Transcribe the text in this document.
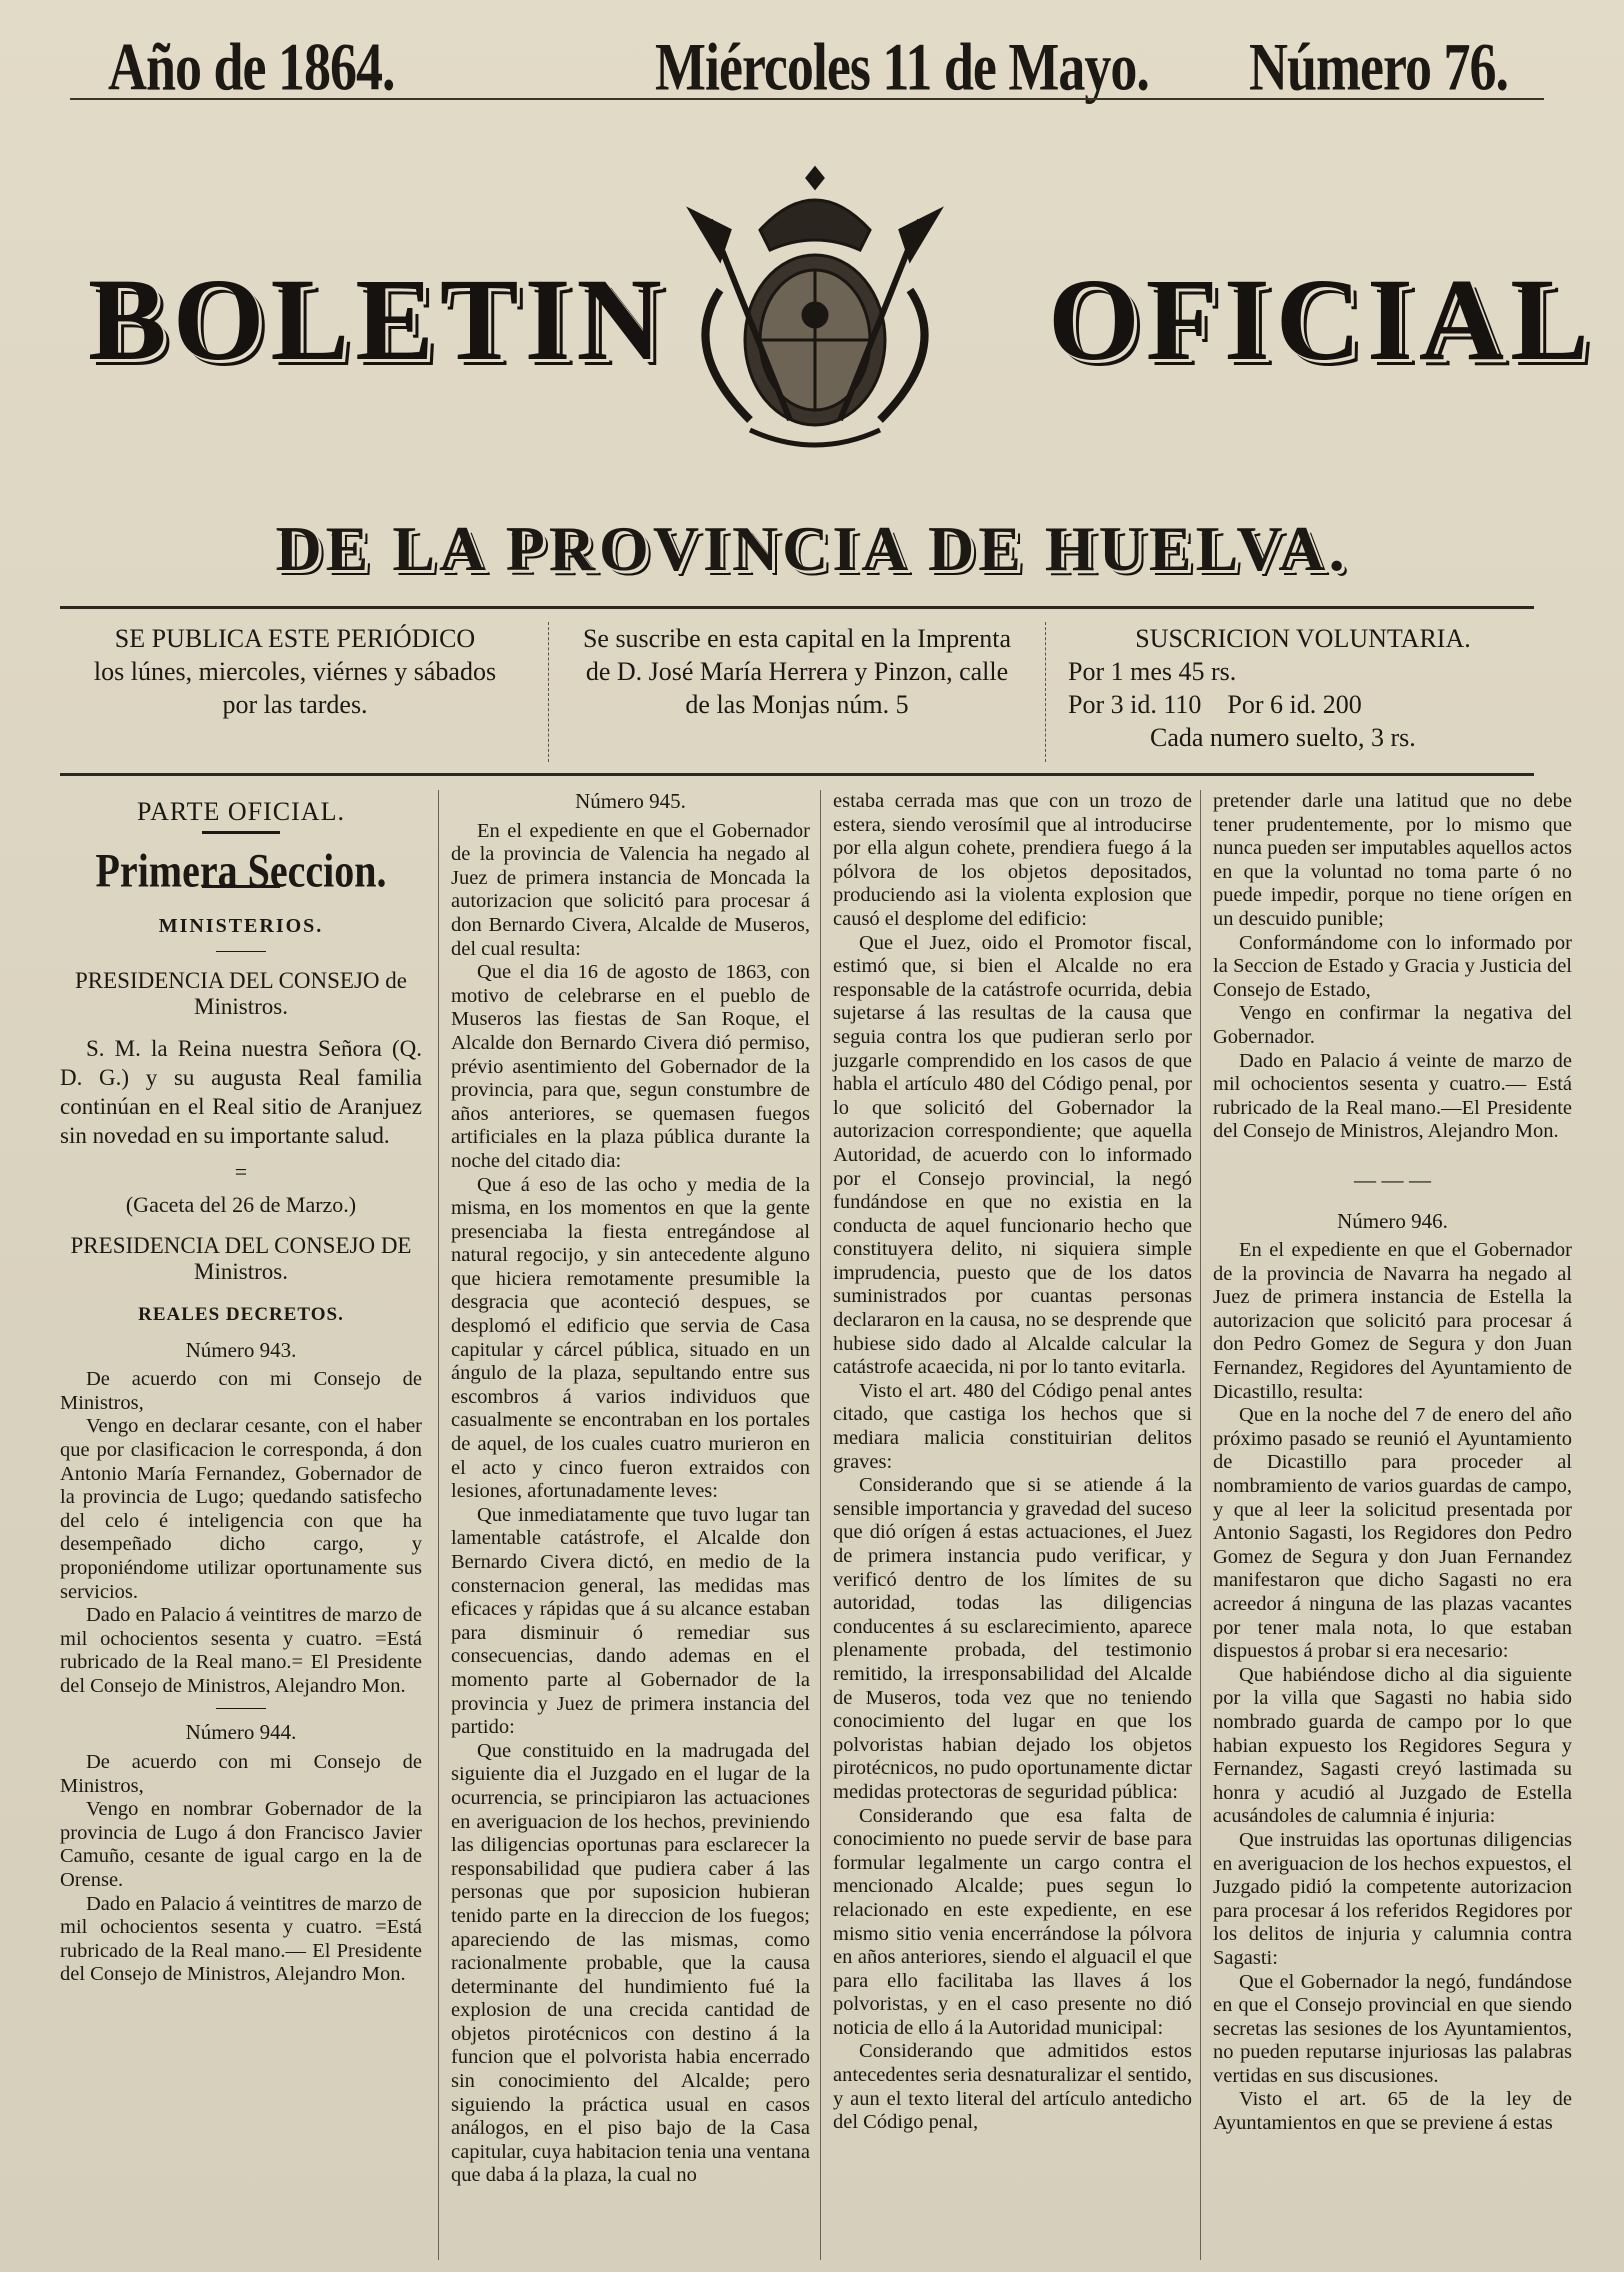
Año de 1864.	Miércoles 11 de Mayo. Número 76.
BOLETIN	OFICIAL
DE LA PROVINCIA DE HUELVA.
SE PUBLICA ESTE PERIÓDICO
los lúnes, miercoles, viérnes y sábados
por las tardes.
Se suscribe en esta capital en la Imprenta
de D. José María Herrera y Pinzon, calle
de las Monjas núm. 5
SUSCRICION VOLUNTARIA.
Por 1 mes 45 rs.
Por 3 id. 110 Por 6 id. 200
Cada numero suelto, 3 rs.
PARTE OFICIAL.
Primera Seccion.
MINISTERIOS.
PRESIDENCIA DEL CONSEJO de Ministros.

S. M. la Reina nuestra Señora (Q. D. G.) y su augusta Real familia continúan en el Real sitio de Aranjuez sin novedad en su importante salud.

=
(Gaceta del 26 de Marzo.)
PRESIDENCIA DEL CONSEJO DE Ministros.
REALES DECRETOS.
Número 943.

De acuerdo con mi Consejo de Ministros,

Vengo en declarar cesante, con el haber que por clasificacion le corresponda, á don Antonio María Fernandez, Gobernador de la provincia de Lugo; quedando satisfecho del celo é inteligencia con que ha desempeñado dicho cargo, y proponiéndome utilizar oportunamente sus servicios.

Dado en Palacio á veintitres de marzo de mil ochocientos sesenta y cuatro. =Está rubricado de la Real mano.= El Presidente del Consejo de Ministros, Alejandro Mon.

Número 944.

De acuerdo con mi Consejo de Ministros,

Vengo en nombrar Gobernador de la provincia de Lugo á don Francisco Javier Camuño, cesante de igual cargo en la de Orense.

Dado en Palacio á veintitres de marzo de mil ochocientos sesenta y cuatro. =Está rubricado de la Real mano.— El Presidente del Consejo de Ministros, Alejandro Mon.

Número 945.

En el expediente en que el Gobernador de la provincia de Valencia ha negado al Juez de primera instancia de Moncada la autorizacion que solicitó para procesar á don Bernardo Civera, Alcalde de Museros, del cual resulta:

Que el dia 16 de agosto de 1863, con motivo de celebrarse en el pueblo de Museros las fiestas de San Roque, el Alcalde don Bernardo Civera dió permiso, prévio asentimiento del Gobernador de la provincia, para que, segun constumbre de años anteriores, se quemasen fuegos artificiales en la plaza pública durante la noche del citado dia:

Que á eso de las ocho y media de la misma, en los momentos en que la gente presenciaba la fiesta entregándose al natural regocijo, y sin antecedente alguno que hiciera remotamente presumible la desgracia que aconteció despues, se desplomó el edificio que servia de Casa capitular y cárcel pública, situado en un ángulo de la plaza, sepultando entre sus escombros á varios individuos que casualmente se encontraban en los portales de aquel, de los cuales cuatro murieron en el acto y cinco fueron extraidos con lesiones, afortunadamente leves:

Que inmediatamente que tuvo lugar tan lamentable catástrofe, el Alcalde don Bernardo Civera dictó, en medio de la consternacion general, las medidas mas eficaces y rápidas que á su alcance estaban para disminuir ó remediar sus consecuencias, dando ademas en el momento parte al Gobernador de la provincia y Juez de primera instancia del partido:

Que constituido en la madrugada del siguiente dia el Juzgado en el lugar de la ocurrencia, se principiaron las actuaciones en averiguacion de los hechos, previniendo las diligencias oportunas para esclarecer la responsabilidad que pudiera caber á las personas que por suposicion hubieran tenido parte en la direccion de los fuegos; apareciendo de las mismas, como racionalmente probable, que la causa determinante del hundimiento fué la explosion de una crecida cantidad de objetos pirotécnicos con destino á la funcion que el polvorista habia encerrado sin conocimiento del Alcalde; pero siguiendo la práctica usual en casos análogos, en el piso bajo de la Casa capitular, cuya habitacion tenia una ventana que daba á la plaza, la cual no

estaba cerrada mas que con un trozo de estera, siendo verosímil que al introducirse por ella algun cohete, prendiera fuego á la pólvora de los objetos depositados, produciendo asi la violenta explosion que causó el desplome del edificio:

Que el Juez, oido el Promotor fiscal, estimó que, si bien el Alcalde no era responsable de la catástrofe ocurrida, debia sujetarse á las resultas de la causa que seguia contra los que pudieran serlo por juzgarle comprendido en los casos de que habla el artículo 480 del Código penal, por lo que solicitó del Gobernador la autorizacion correspondiente; que aquella Autoridad, de acuerdo con lo informado por el Consejo provincial, la negó fundándose en que no existia en la conducta de aquel funcionario hecho que constituyera delito, ni siquiera simple imprudencia, puesto que de los datos suministrados por cuantas personas declararon en la causa, no se desprende que hubiese sido dado al Alcalde calcular la catástrofe acaecida, ni por lo tanto evitarla.

Visto el art. 480 del Código penal antes citado, que castiga los hechos que si mediara malicia constituirian delitos graves:

Considerando que si se atiende á la sensible importancia y gravedad del suceso que dió orígen á estas actuaciones, el Juez de primera instancia pudo verificar, y verificó dentro de los límites de su autoridad, todas las diligencias conducentes á su esclarecimiento, aparece plenamente probada, del testimonio remitido, la irresponsabilidad del Alcalde de Museros, toda vez que no teniendo conocimiento del lugar en que los polvoristas habian dejado los objetos pirotécnicos, no pudo oportunamente dictar medidas protectoras de seguridad pública:

Considerando que esa falta de conocimiento no puede servir de base para formular legalmente un cargo contra el mencionado Alcalde; pues segun lo relacionado en este expediente, en ese mismo sitio venia encerrándose la pólvora en años anteriores, siendo el alguacil el que para ello facilitaba las llaves á los polvoristas, y en el caso presente no dió noticia de ello á la Autoridad municipal:

Considerando que admitidos estos antecedentes seria desnaturalizar el sentido, y aun el texto literal del artículo antedicho del Código penal,

pretender darle una latitud que no debe tener prudentemente, por lo mismo que nunca pueden ser imputables aquellos actos en que la voluntad no toma parte ó no puede impedir, porque no tiene orígen en un descuido punible;

Conformándome con lo informado por la Seccion de Estado y Gracia y Justicia del Consejo de Estado,

Vengo en confirmar la negativa del Gobernador.

Dado en Palacio á veinte de marzo de mil ochocientos sesenta y cuatro.— Está rubricado de la Real mano.—El Presidente del Consejo de Ministros, Alejandro Mon.

— — —
Número 946.

En el expediente en que el Gobernador de la provincia de Navarra ha negado al Juez de primera instancia de Estella la autorizacion que solicitó para procesar á don Pedro Gomez de Segura y don Juan Fernandez, Regidores del Ayuntamiento de Dicastillo, resulta:

Que en la noche del 7 de enero del año próximo pasado se reunió el Ayuntamiento de Dicastillo para proceder al nombramiento de varios guardas de campo, y que al leer la solicitud presentada por Antonio Sagasti, los Regidores don Pedro Gomez de Segura y don Juan Fernandez manifestaron que dicho Sagasti no era acreedor á ninguna de las plazas vacantes por tener mala nota, lo que estaban dispuestos á probar si era necesario:

Que habiéndose dicho al dia siguiente por la villa que Sagasti no habia sido nombrado guarda de campo por lo que habian expuesto los Regidores Segura y Fernandez, Sagasti creyó lastimada su honra y acudió al Juzgado de Estella acusándoles de calumnia é injuria:

Que instruidas las oportunas diligencias en averiguacion de los hechos expuestos, el Juzgado pidió la competente autorizacion para procesar á los referidos Regidores por los delitos de injuria y calumnia contra Sagasti:

Que el Gobernador la negó, fundándose en que el Consejo provincial en que siendo secretas las sesiones de los Ayuntamientos, no pueden reputarse injuriosas las palabras vertidas en sus discusiones.

Visto el art. 65 de la ley de Ayuntamientos en que se previene á estas
